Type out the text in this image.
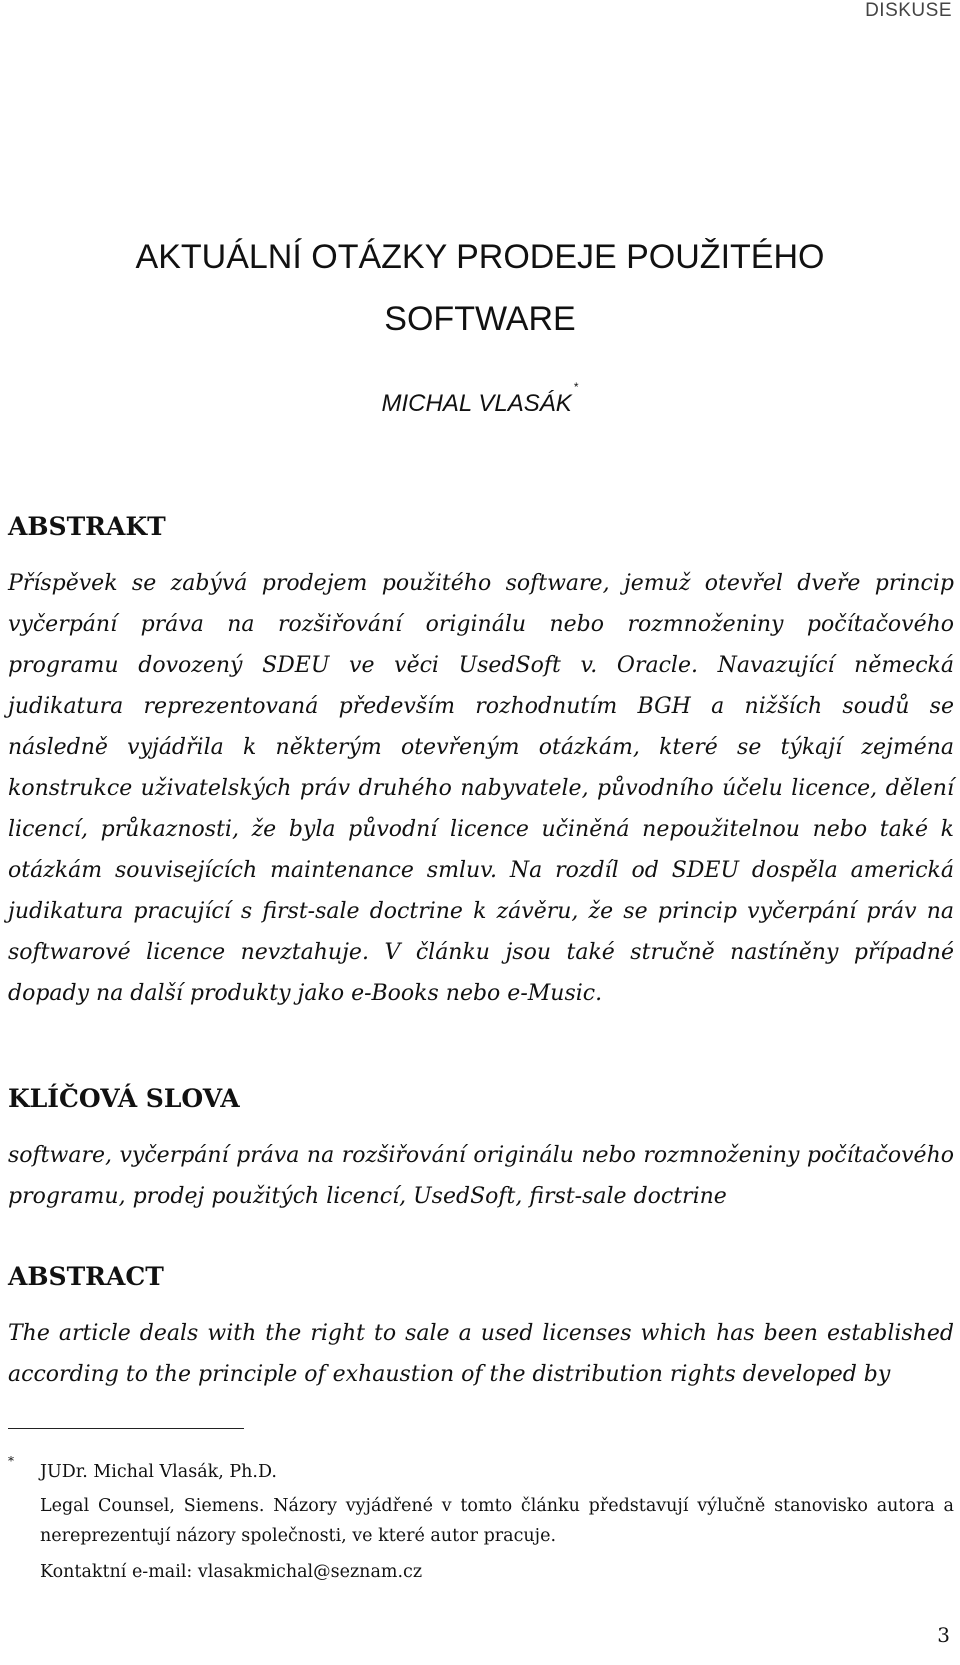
DISKUSE
AKTUÁLNÍ OTÁZKY PRODEJE POUŽITÉHO
SOFTWARE
MICHAL VLASÁK*
ABSTRAKT

Příspěvek se zabývá prodejem použitého software, jemuž otevřel dveře princip vyčerpání práva na rozšiřování originálu nebo rozmnoženiny počítačového programu dovozený SDEU ve věci UsedSoft v. Oracle. Navazující německá judikatura reprezentovaná především rozhodnutím BGH a nižších soudů se následně vyjádřila k některým otevřeným otázkám, které se týkají zejména konstrukce uživatelských práv druhého nabyvatele, původního účelu licence, dělení licencí, průkaznosti, že byla původní licence učiněná nepoužitelnou nebo také k otázkám souvisejících maintenance smluv. Na rozdíl od SDEU dospěla americká judikatura pracující s first-sale doctrine k závěru, že se princip vyčerpání práv na softwarové licence nevztahuje. V článku jsou také stručně nastíněny případné dopady na další produkty jako e-Books nebo e-Music.

KLÍČOVÁ SLOVA

software, vyčerpání práva na rozšiřování originálu nebo rozmnoženiny počítačového programu, prodej použitých licencí, UsedSoft, first-sale doctrine

ABSTRACT

The article deals with the right to sale a used licenses which has been established according to the principle of exhaustion of the distribution rights developed by

*

JUDr. Michal Vlasák, Ph.D.

Legal Counsel, Siemens. Názory vyjádřené v tomto článku představují výlučně stanovisko autora a nereprezentují názory společnosti, ve které autor pracuje.

Kontaktní e-mail: vlasakmichal@seznam.cz

3
